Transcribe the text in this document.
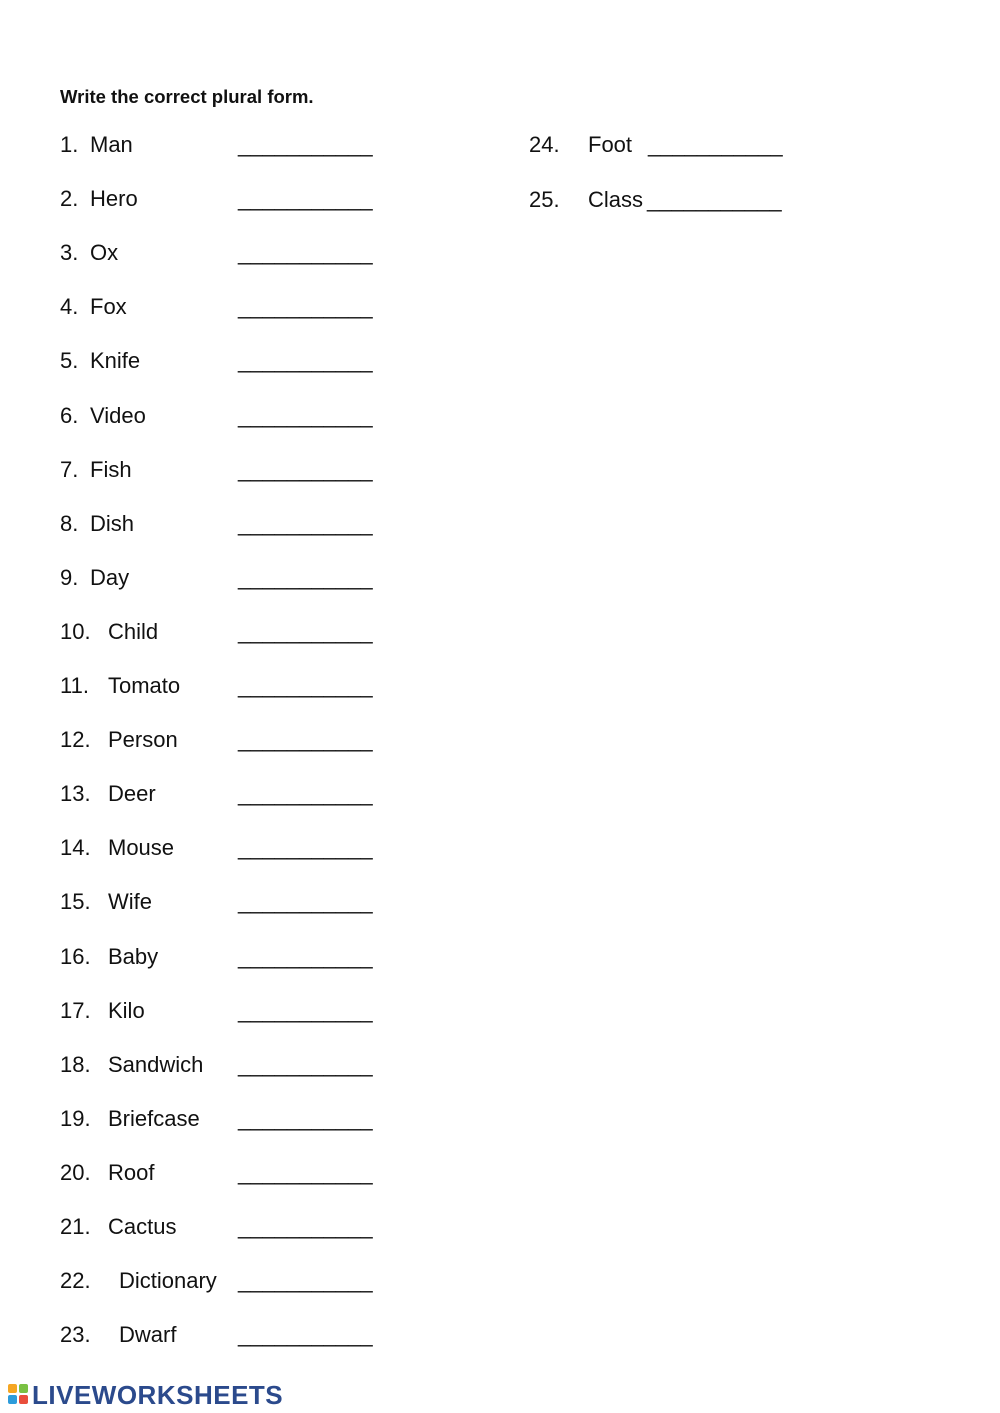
Write the correct plural form.

1. Man	___________
2. Hero	___________
3. Ox	___________
4. Fox	___________
5. Knife	___________
6. Video	___________
7. Fish	___________
8. Dish	___________
9. Day	___________
10. Child	___________
11. Tomato	___________
12. Person	___________
13. Deer	___________
14. Mouse	___________
15. Wife	___________
16. Baby	___________
17. Kilo	___________
18. Sandwich ___________
19. Briefcase ___________
20. Roof	___________
21. Cactus	___________
22. Dictionary ___________
23. Dwarf	___________
24. Foot ___________
25. Class ___________
LIVEWORKSHEETS
